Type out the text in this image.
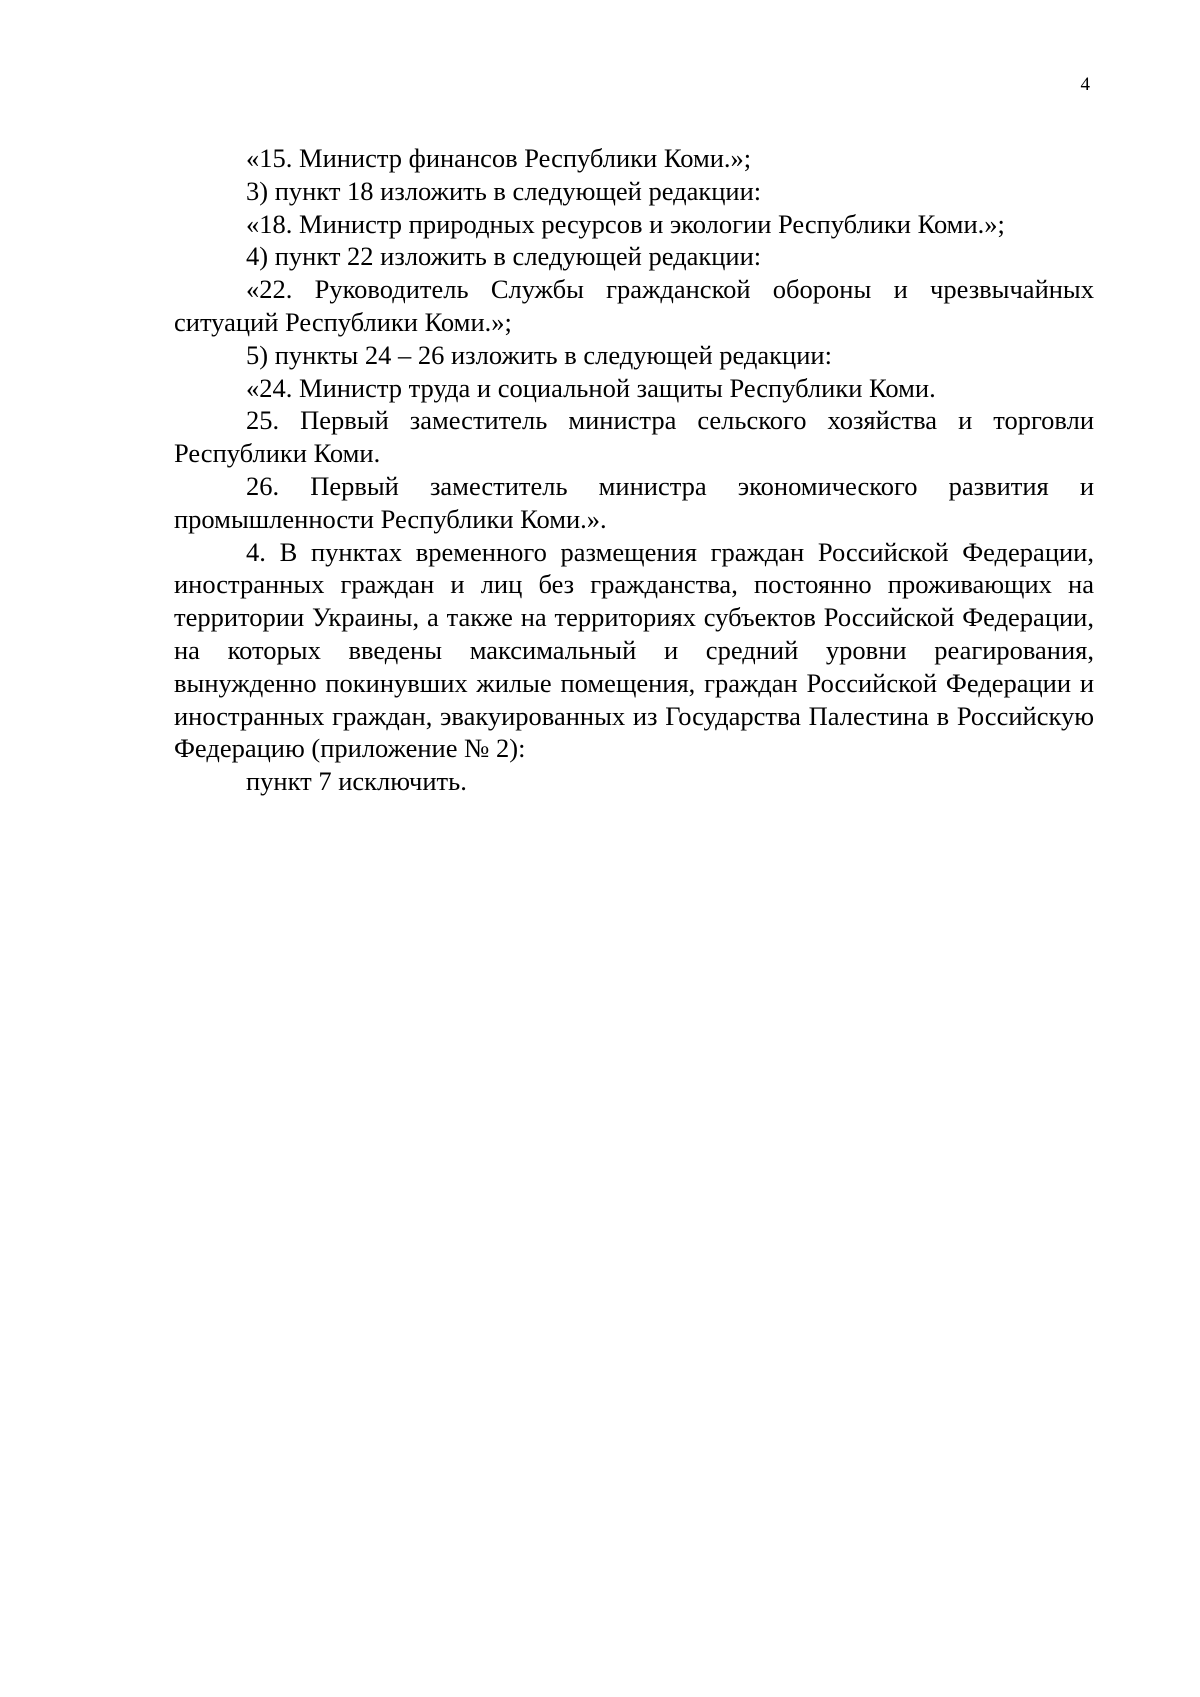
4

«15. Министр финансов Республики Коми.»;

3) пункт 18 изложить в следующей редакции:

«18. Министр природных ресурсов и экологии Республики Коми.»;

4) пункт 22 изложить в следующей редакции:

«22. Руководитель Службы гражданской обороны и чрезвычайных ситуаций Республики Коми.»;

5) пункты 24 – 26 изложить в следующей редакции:

«24. Министр труда и социальной защиты Республики Коми.

25. Первый заместитель министра сельского хозяйства и торговли Республики Коми.

26. Первый заместитель министра экономического развития и промышленности Республики Коми.».

4. В пунктах временного размещения граждан Российской Федерации, иностранных граждан и лиц без гражданства, постоянно проживающих на территории Украины, а также на территориях субъектов Российской Федерации, на которых введены максимальный и средний уровни реагирования, вынужденно покинувших жилые помещения, граждан Российской Федерации и иностранных граждан, эвакуированных из Государства Палестина в Российскую Федерацию (приложение № 2):

пункт 7 исключить.
